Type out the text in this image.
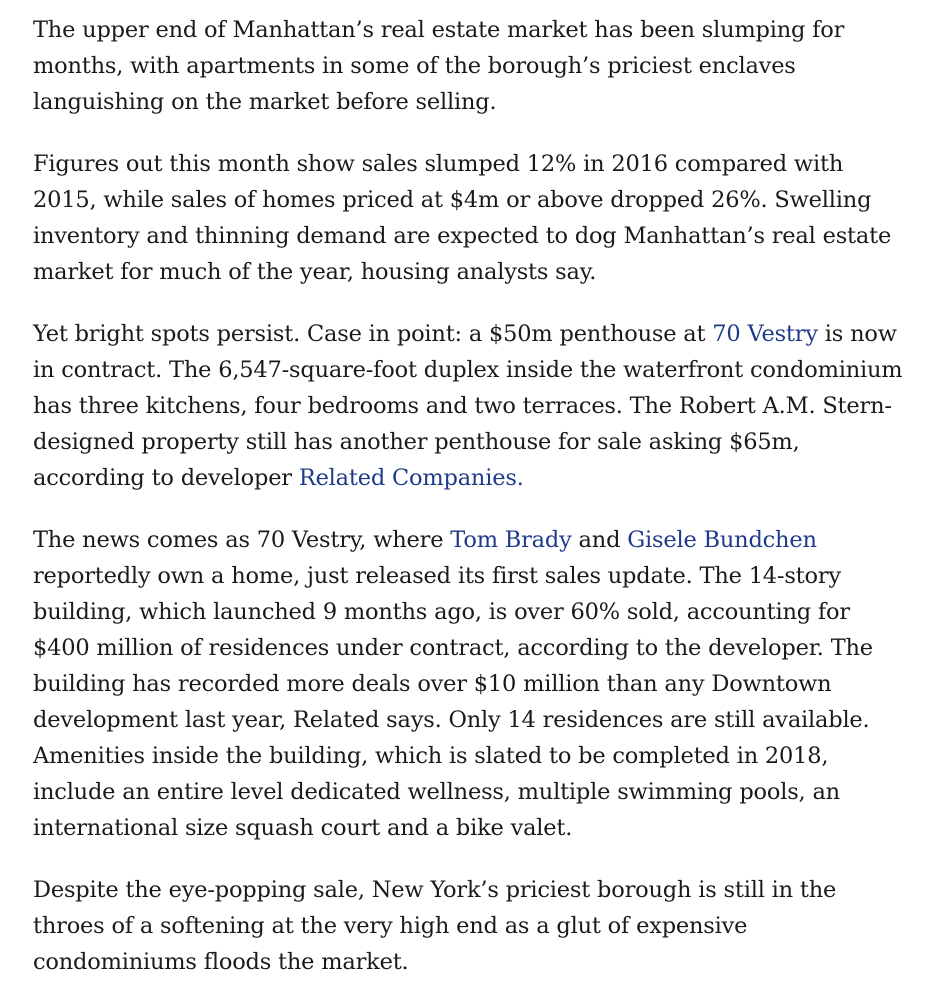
The upper end of Manhattan’s real estate market has been slumping for months, with apartments in some of the borough’s priciest enclaves languishing on the market before selling.

Figures out this month show sales slumped 12% in 2016 compared with 2015, while sales of homes priced at $4m or above dropped 26%. Swelling inventory and thinning demand are expected to dog Manhattan’s real estate market for much of the year, housing analysts say.

Yet bright spots persist. Case in point: a $50m penthouse at 70 Vestry is now in contract. The 6,547-square-foot duplex inside the waterfront condominium has three kitchens, four bedrooms and two terraces. The Robert A.M. Stern-designed property still has another penthouse for sale asking $65m, according to developer Related Companies.

The news comes as 70 Vestry, where Tom Brady and Gisele Bundchen reportedly own a home, just released its first sales update. The 14-story building, which launched 9 months ago, is over 60% sold, accounting for $400 million of residences under contract, according to the developer. The building has recorded more deals over $10 million than any Downtown development last year, Related says. Only 14 residences are still available. Amenities inside the building, which is slated to be completed in 2018, include an entire level dedicated wellness, multiple swimming pools, an international size squash court and a bike valet.

Despite the eye-popping sale, New York’s priciest borough is still in the throes of a softening at the very high end as a glut of expensive condominiums floods the market.
